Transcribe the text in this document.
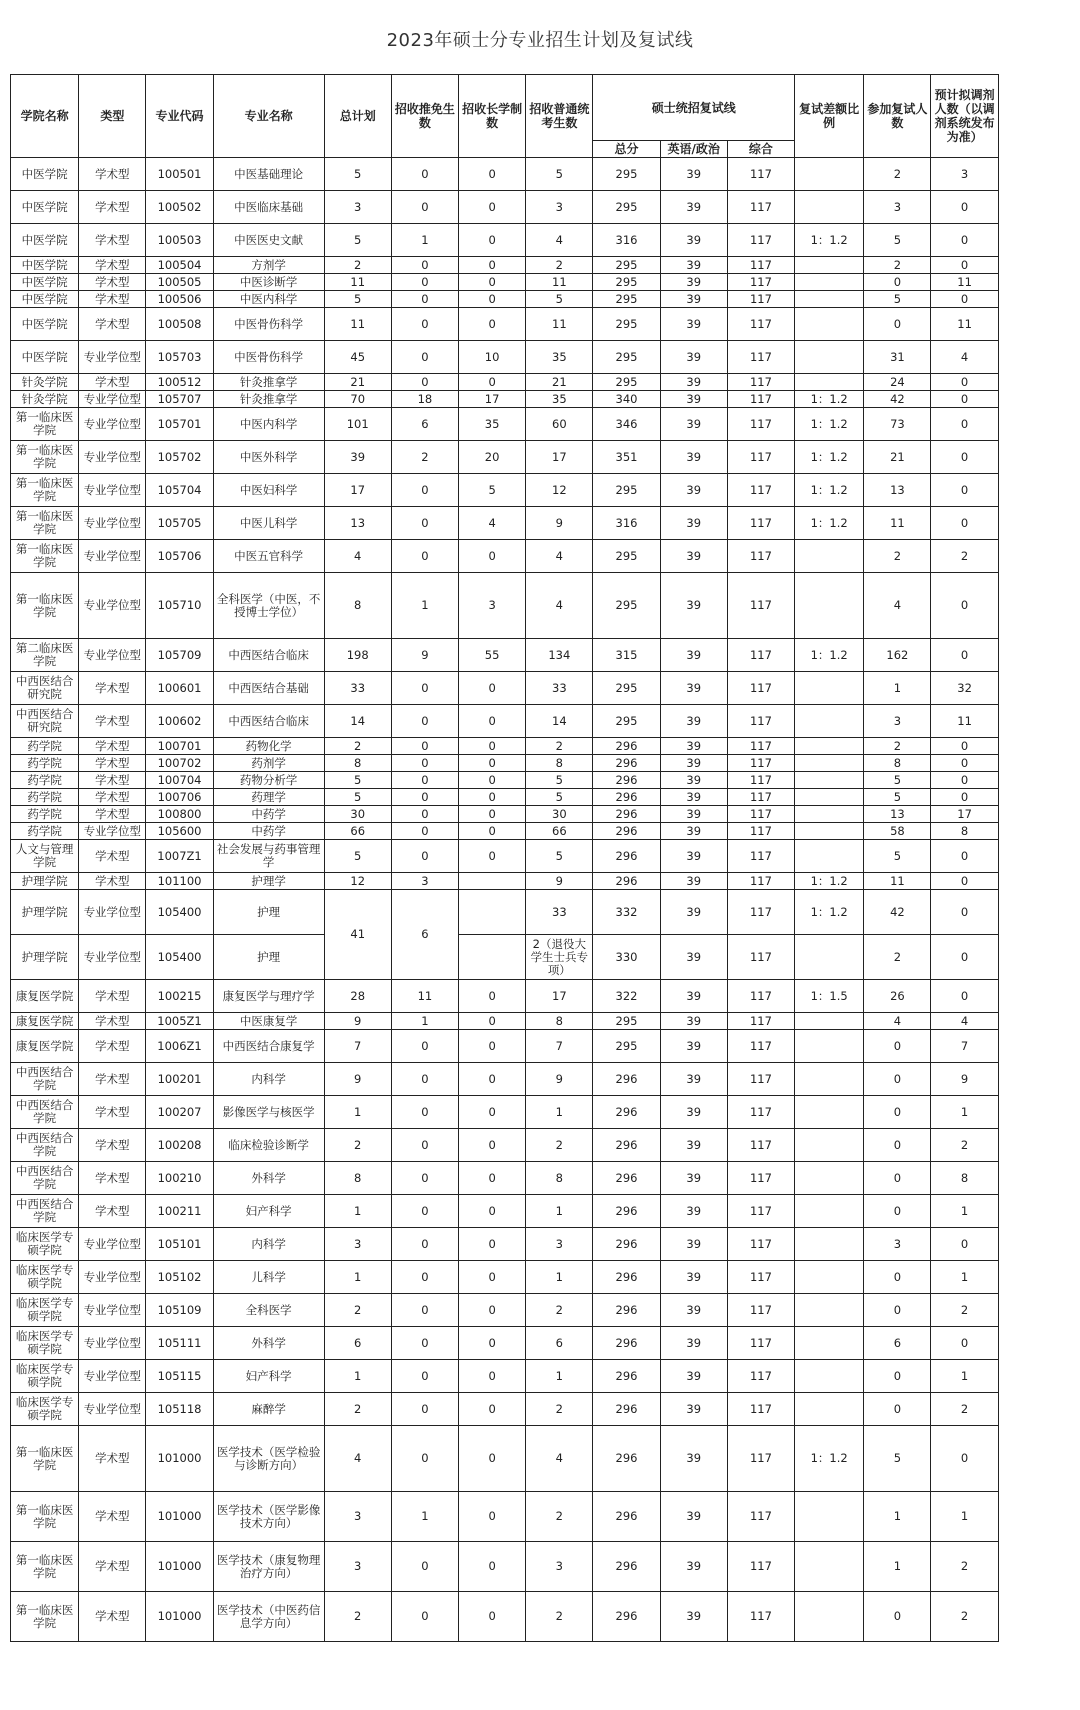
2023年硕士分专业招生计划及复试线
学院名称	类型	专业代码	专业名称	总计划	招收推免生数	招收长学制数	招收普通统考生数	硕士统招复试线			复试差额比例	参加复试人数	预计拟调剂人数（以调剂系统发布为准）
								总分	英语/政治	综合			
中医学院	学术型	100501	中医基础理论	5	0	0	5	295	39	117		2	3
中医学院	学术型	100502	中医临床基础	3	0	0	3	295	39	117		3	0
中医学院	学术型	100503	中医医史文献	5	1	0	4	316	39	117	1：1.2	5	0
中医学院	学术型	100504	方剂学	2	0	0	2	295	39	117		2	0
中医学院	学术型	100505	中医诊断学	11	0	0	11	295	39	117		0	11
中医学院	学术型	100506	中医内科学	5	0	0	5	295	39	117		5	0
中医学院	学术型	100508	中医骨伤科学	11	0	0	11	295	39	117		0	11
中医学院	专业学位型	105703	中医骨伤科学	45	0	10	35	295	39	117		31	4
针灸学院	学术型	100512	针灸推拿学	21	0	0	21	295	39	117		24	0
针灸学院	专业学位型	105707	针灸推拿学	70	18	17	35	340	39	117	1：1.2	42	0
第一临床医学院	专业学位型	105701	中医内科学	101	6	35	60	346	39	117	1：1.2	73	0
第一临床医学院	专业学位型	105702	中医外科学	39	2	20	17	351	39	117	1：1.2	21	0
第一临床医学院	专业学位型	105704	中医妇科学	17	0	5	12	295	39	117	1：1.2	13	0
第一临床医学院	专业学位型	105705	中医儿科学	13	0	4	9	316	39	117	1：1.2	11	0
第一临床医学院	专业学位型	105706	中医五官科学	4	0	0	4	295	39	117		2	2
第一临床医学院	专业学位型	105710	全科医学（中医，不授博士学位）	8	1	3	4	295	39	117		4	0
第二临床医学院	专业学位型	105709	中西医结合临床	198	9	55	134	315	39	117	1：1.2	162	0
中西医结合研究院	学术型	100601	中西医结合基础	33	0	0	33	295	39	117		1	32
中西医结合研究院	学术型	100602	中西医结合临床	14	0	0	14	295	39	117		3	11
药学院	学术型	100701	药物化学	2	0	0	2	296	39	117		2	0
药学院	学术型	100702	药剂学	8	0	0	8	296	39	117		8	0
药学院	学术型	100704	药物分析学	5	0	0	5	296	39	117		5	0
药学院	学术型	100706	药理学	5	0	0	5	296	39	117		5	0
药学院	学术型	100800	中药学	30	0	0	30	296	39	117		13	17
药学院	专业学位型	105600	中药学	66	0	0	66	296	39	117		58	8
人文与管理学院	学术型	1007Z1	社会发展与药事管理学	5	0	0	5	296	39	117		5	0
护理学院	学术型	101100	护理学	12	3		9	296	39	117	1：1.2	11	0
护理学院	专业学位型	105400	护理	41	6		33	332	39	117	1：1.2	42	0
护理学院	专业学位型	105400	护理				2（退役大学生士兵专项）	330	39	117		2	0
康复医学院	学术型	100215	康复医学与理疗学	28	11	0	17	322	39	117	1：1.5	26	0
康复医学院	学术型	1005Z1	中医康复学	9	1	0	8	295	39	117		4	4
康复医学院	学术型	1006Z1	中西医结合康复学	7	0	0	7	295	39	117		0	7
中西医结合学院	学术型	100201	内科学	9	0	0	9	296	39	117		0	9
中西医结合学院	学术型	100207	影像医学与核医学	1	0	0	1	296	39	117		0	1
中西医结合学院	学术型	100208	临床检验诊断学	2	0	0	2	296	39	117		0	2
中西医结合学院	学术型	100210	外科学	8	0	0	8	296	39	117		0	8
中西医结合学院	学术型	100211	妇产科学	1	0	0	1	296	39	117		0	1
临床医学专硕学院	专业学位型	105101	内科学	3	0	0	3	296	39	117		3	0
临床医学专硕学院	专业学位型	105102	儿科学	1	0	0	1	296	39	117		0	1
临床医学专硕学院	专业学位型	105109	全科医学	2	0	0	2	296	39	117		0	2
临床医学专硕学院	专业学位型	105111	外科学	6	0	0	6	296	39	117		6	0
临床医学专硕学院	专业学位型	105115	妇产科学	1	0	0	1	296	39	117		0	1
临床医学专硕学院	专业学位型	105118	麻醉学	2	0	0	2	296	39	117		0	2
第一临床医学院	学术型	101000	医学技术（医学检验与诊断方向）	4	0	0	4	296	39	117	1：1.2	5	0
第一临床医学院	学术型	101000	医学技术（医学影像技术方向）	3	1	0	2	296	39	117		1	1
第一临床医学院	学术型	101000	医学技术（康复物理治疗方向）	3	0	0	3	296	39	117		1	2
第一临床医学院	学术型	101000	医学技术（中医药信息学方向）	2	0	0	2	296	39	117		0	2
